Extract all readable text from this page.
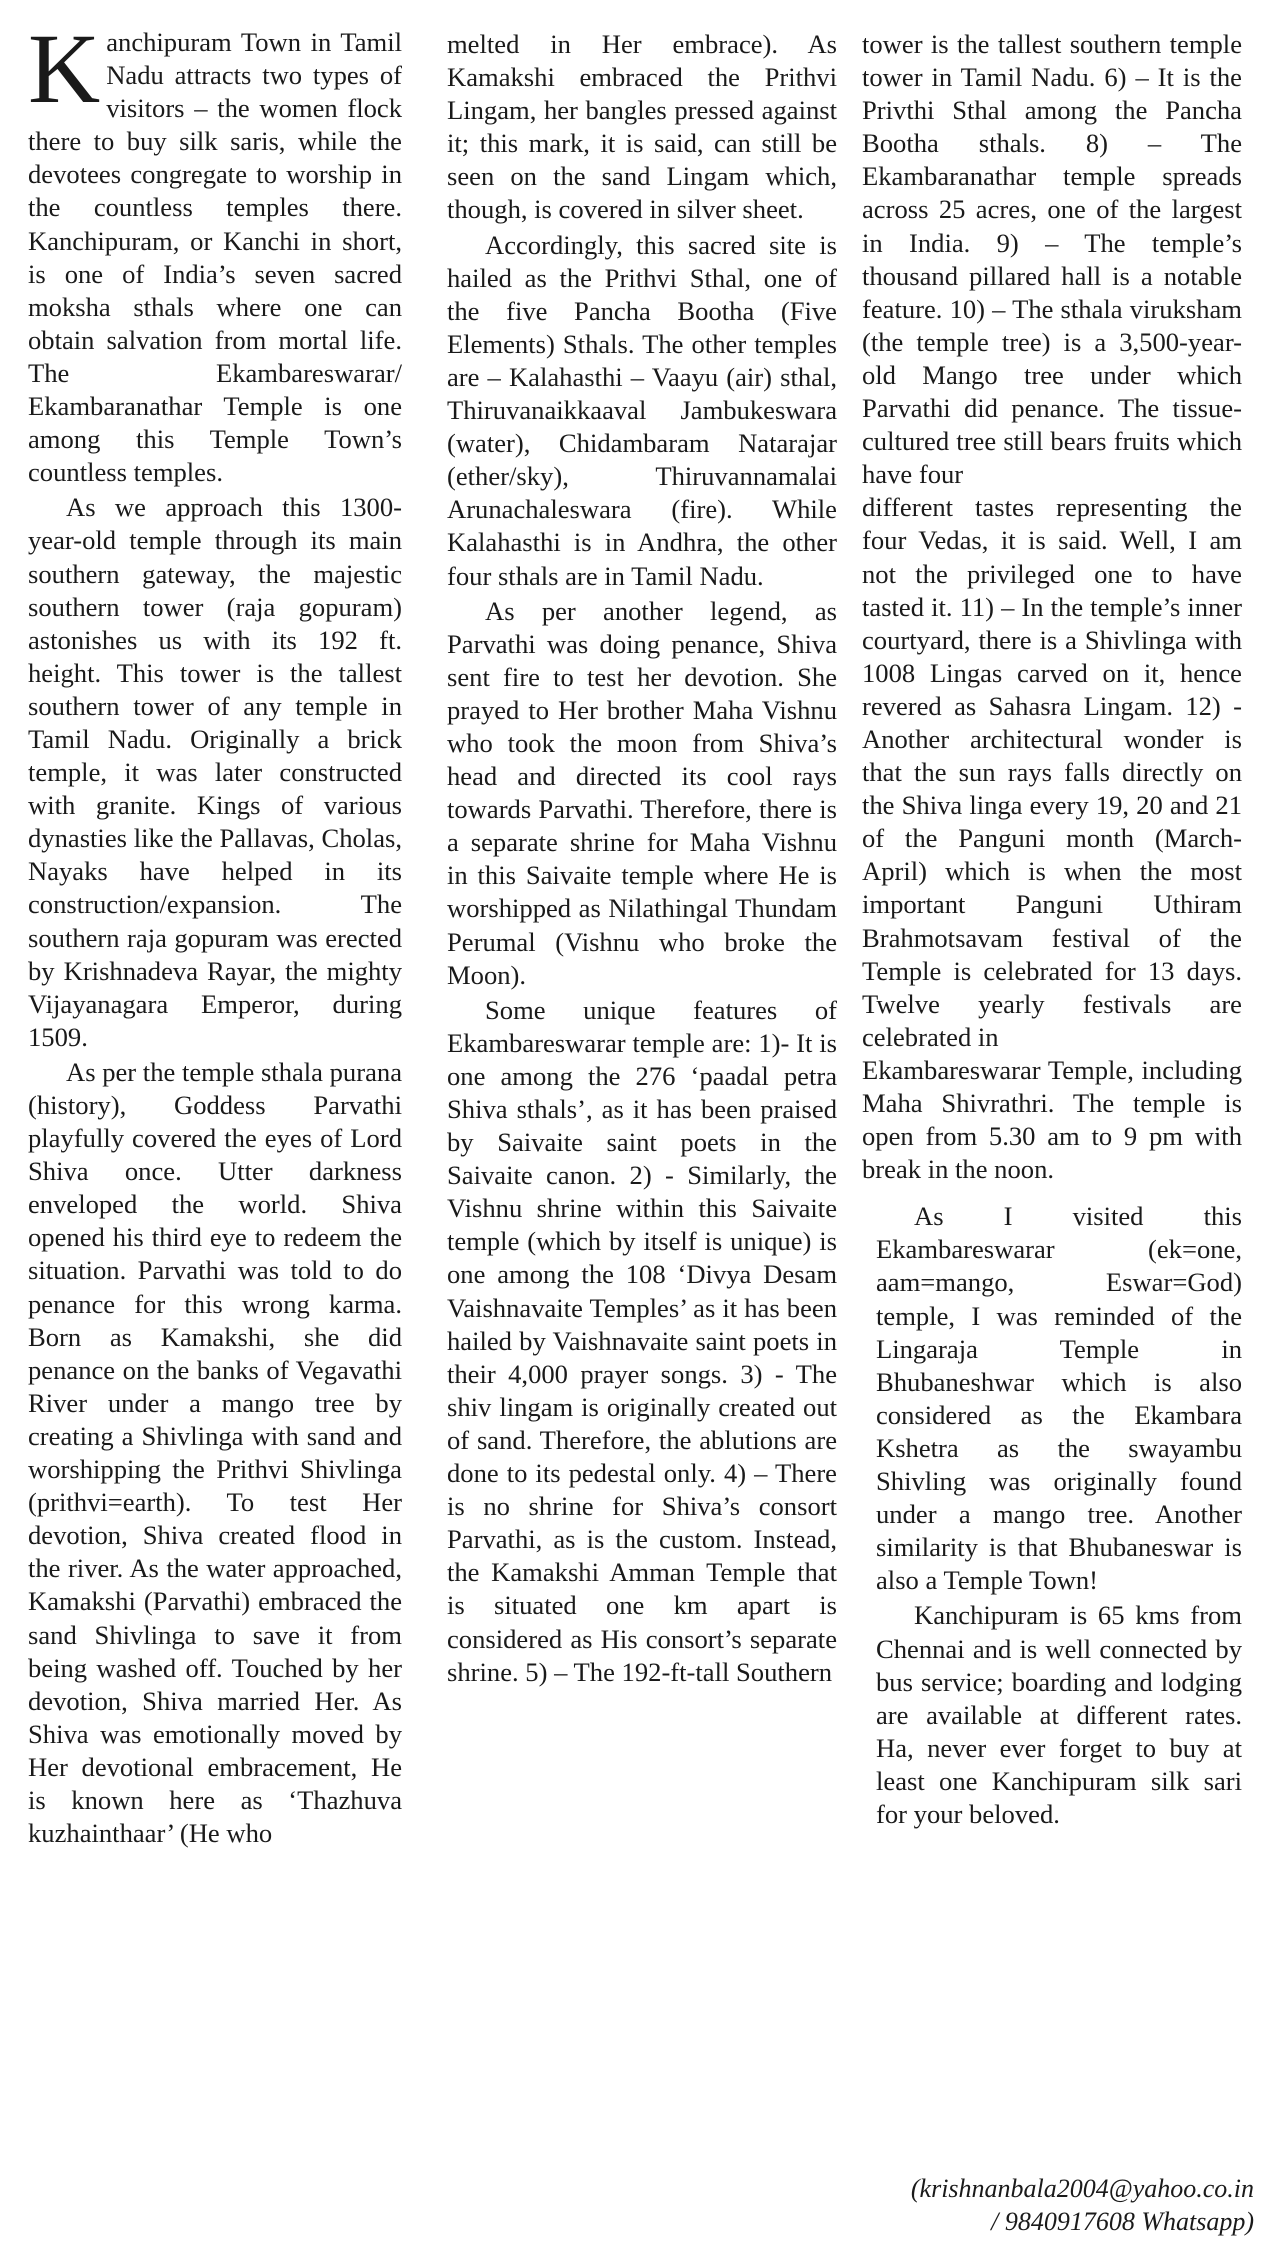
Kanchipuram Town in Tamil Nadu attracts two types of visitors – the women flock there to buy silk saris, while the devotees congregate to worship in the countless temples there. Kanchipuram, or Kanchi in short, is one of India’s seven sacred moksha sthals where one can obtain salvation from mortal life. The Ekambareswarar/ Ekambaranathar Temple is one among this Temple Town’s countless temples.

As we approach this 1300-year-old temple through its main southern gateway, the majestic southern tower (raja gopuram) astonishes us with its 192 ft. height. This tower is the tallest southern tower of any temple in Tamil Nadu. Originally a brick temple, it was later constructed with granite. Kings of various dynasties like the Pallavas, Cholas, Nayaks have helped in its construction/expansion. The southern raja gopuram was erected by Krishnadeva Rayar, the mighty Vijayanagara Emperor, during 1509.

As per the temple sthala purana (history), Goddess Parvathi playfully covered the eyes of Lord Shiva once. Utter darkness enveloped the world. Shiva opened his third eye to redeem the situation. Parvathi was told to do penance for this wrong karma. Born as Kamakshi, she did penance on the banks of Vegavathi River under a mango tree by creating a Shivlinga with sand and worshipping the Prithvi Shivlinga (prithvi=earth). To test Her devotion, Shiva created flood in the river. As the water approached, Kamakshi (Parvathi) embraced the sand Shivlinga to save it from being washed off. Touched by her devotion, Shiva married Her. As Shiva was emotionally moved by Her devotional embracement, He is known here as ‘Thazhuva kuzhainthaar’ (He who

melted in Her embrace). As Kamakshi embraced the Prithvi Lingam, her bangles pressed against it; this mark, it is said, can still be seen on the sand Lingam which, though, is covered in silver sheet.

Accordingly, this sacred site is hailed as the Prithvi Sthal, one of the five Pancha Bootha (Five Elements) Sthals. The other temples are – Kalahasthi – Vaayu (air) sthal, Thiruvanaikkaaval Jambukeswara (water), Chidambaram Natarajar (ether/sky), Thiruvannamalai Arunachaleswara (fire). While Kalahasthi is in Andhra, the other four sthals are in Tamil Nadu.

As per another legend, as Parvathi was doing penance, Shiva sent fire to test her devotion. She prayed to Her brother Maha Vishnu who took the moon from Shiva’s head and directed its cool rays towards Parvathi. Therefore, there is a separate shrine for Maha Vishnu in this Saivaite temple where He is worshipped as Nilathingal Thundam Perumal (Vishnu who broke the Moon).

Some unique features of Ekambareswarar temple are: 1)- It is one among the 276 ‘paadal petra Shiva sthals’, as it has been praised by Saivaite saint poets in the Saivaite canon. 2) - Similarly, the Vishnu shrine within this Saivaite temple (which by itself is unique) is one among the 108 ‘Divya Desam Vaishnavaite Temples’ as it has been hailed by Vaishnavaite saint poets in their 4,000 prayer songs. 3) - The shiv lingam is originally created out of sand. Therefore, the ablutions are done to its pedestal only. 4) – There is no shrine for Shiva’s consort Parvathi, as is the custom. Instead, the Kamakshi Amman Temple that is situated one km apart is considered as His consort’s separate shrine. 5) – The 192-ft-tall Southern

tower is the tallest southern temple tower in Tamil Nadu. 6) – It is the Privthi Sthal among the Pancha Bootha sthals. 8) – The Ekambaranathar temple spreads across 25 acres, one of the largest in India. 9) – The temple’s thousand pillared hall is a notable feature. 10) – The sthala viruksham (the temple tree) is a 3,500-year-old Mango tree under which Parvathi did penance. The tissue-cultured tree still bears fruits which have four

different tastes representing the four Vedas, it is said. Well, I am not the privileged one to have tasted it. 11) – In the temple’s inner courtyard, there is a Shivlinga with 1008 Lingas carved on it, hence revered as Sahasra Lingam. 12) - Another architectural wonder is that the sun rays falls directly on the Shiva linga every 19, 20 and 21 of the Panguni month (March-April) which is when the most important Panguni Uthiram Brahmotsavam festival of the Temple is celebrated for 13 days. Twelve yearly festivals are celebrated in

Ekambareswarar Temple, including Maha Shivrathri. The temple is open from 5.30 am to 9 pm with break in the noon.

As I visited this Ekambareswarar (ek=one, aam=mango, Eswar=God) temple, I was reminded of the Lingaraja Temple in Bhubaneshwar which is also considered as the Ekambara Kshetra as the swayambu Shivling was originally found under a mango tree. Another similarity is that Bhubaneswar is also a Temple Town!

Kanchipuram is 65 kms from Chennai and is well connected by bus service; boarding and lodging are available at different rates. Ha, never ever forget to buy at least one Kanchipuram silk sari for your beloved.

(krishnanbala2004@yahoo.co.in
/ 9840917608 Whatsapp)
